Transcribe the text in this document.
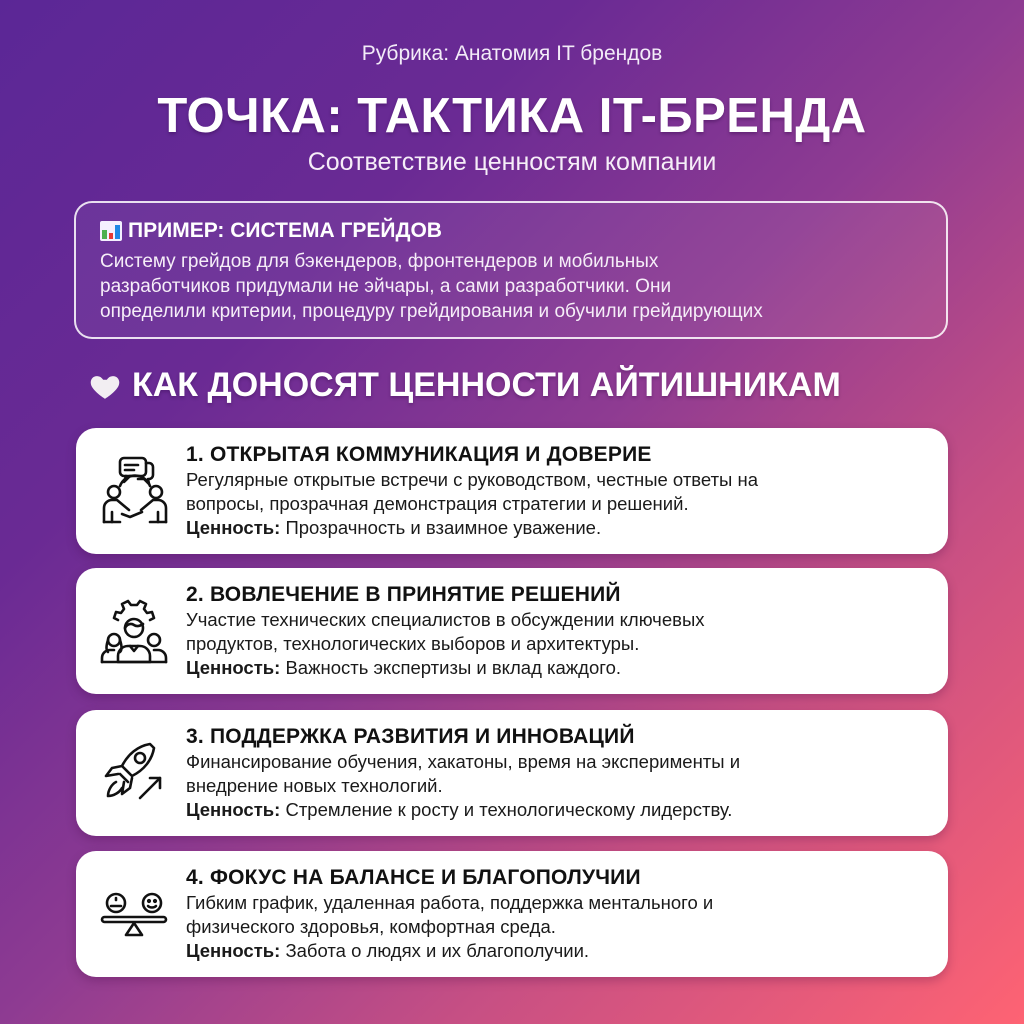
Рубрика: Анатомия IT брендов
ТОЧКА: ТАКТИКА IT-БРЕНДА
Соответствие ценностям компании
ПРИМЕР: СИСТЕМА ГРЕЙДОВ
Систему грейдов для бэкендеров, фронтендеров и мобильных
разработчиков придумали не эйчары, а сами разработчики. Они
определили критерии, процедуру грейдирования и обучили грейдирующих
КАК ДОНОСЯТ ЦЕННОСТИ АЙТИШНИКАМ
1. ОТКРЫТАЯ КОММУНИКАЦИЯ И ДОВЕРИЕ
Регулярные открытые встречи с руководством, честные ответы на
вопросы, прозрачная демонстрация стратегии и решений.
Ценность: Прозрачность и взаимное уважение.
2. ВОВЛЕЧЕНИЕ В ПРИНЯТИЕ РЕШЕНИЙ
Участие технических специалистов в обсуждении ключевых
продуктов, технологических выборов и архитектуры.
Ценность: Важность экспертизы и вклад каждого.
3. ПОДДЕРЖКА РАЗВИТИЯ И ИННОВАЦИЙ
Финансирование обучения, хакатоны, время на эксперименты и
внедрение новых технологий.
Ценность: Стремление к росту и технологическому лидерству.
4. ФОКУС НА БАЛАНСЕ И БЛАГОПОЛУЧИИ
Гибким график, удаленная работа, поддержка ментального и
физического здоровья, комфортная среда.
Ценность: Забота о людях и их благополучии.
